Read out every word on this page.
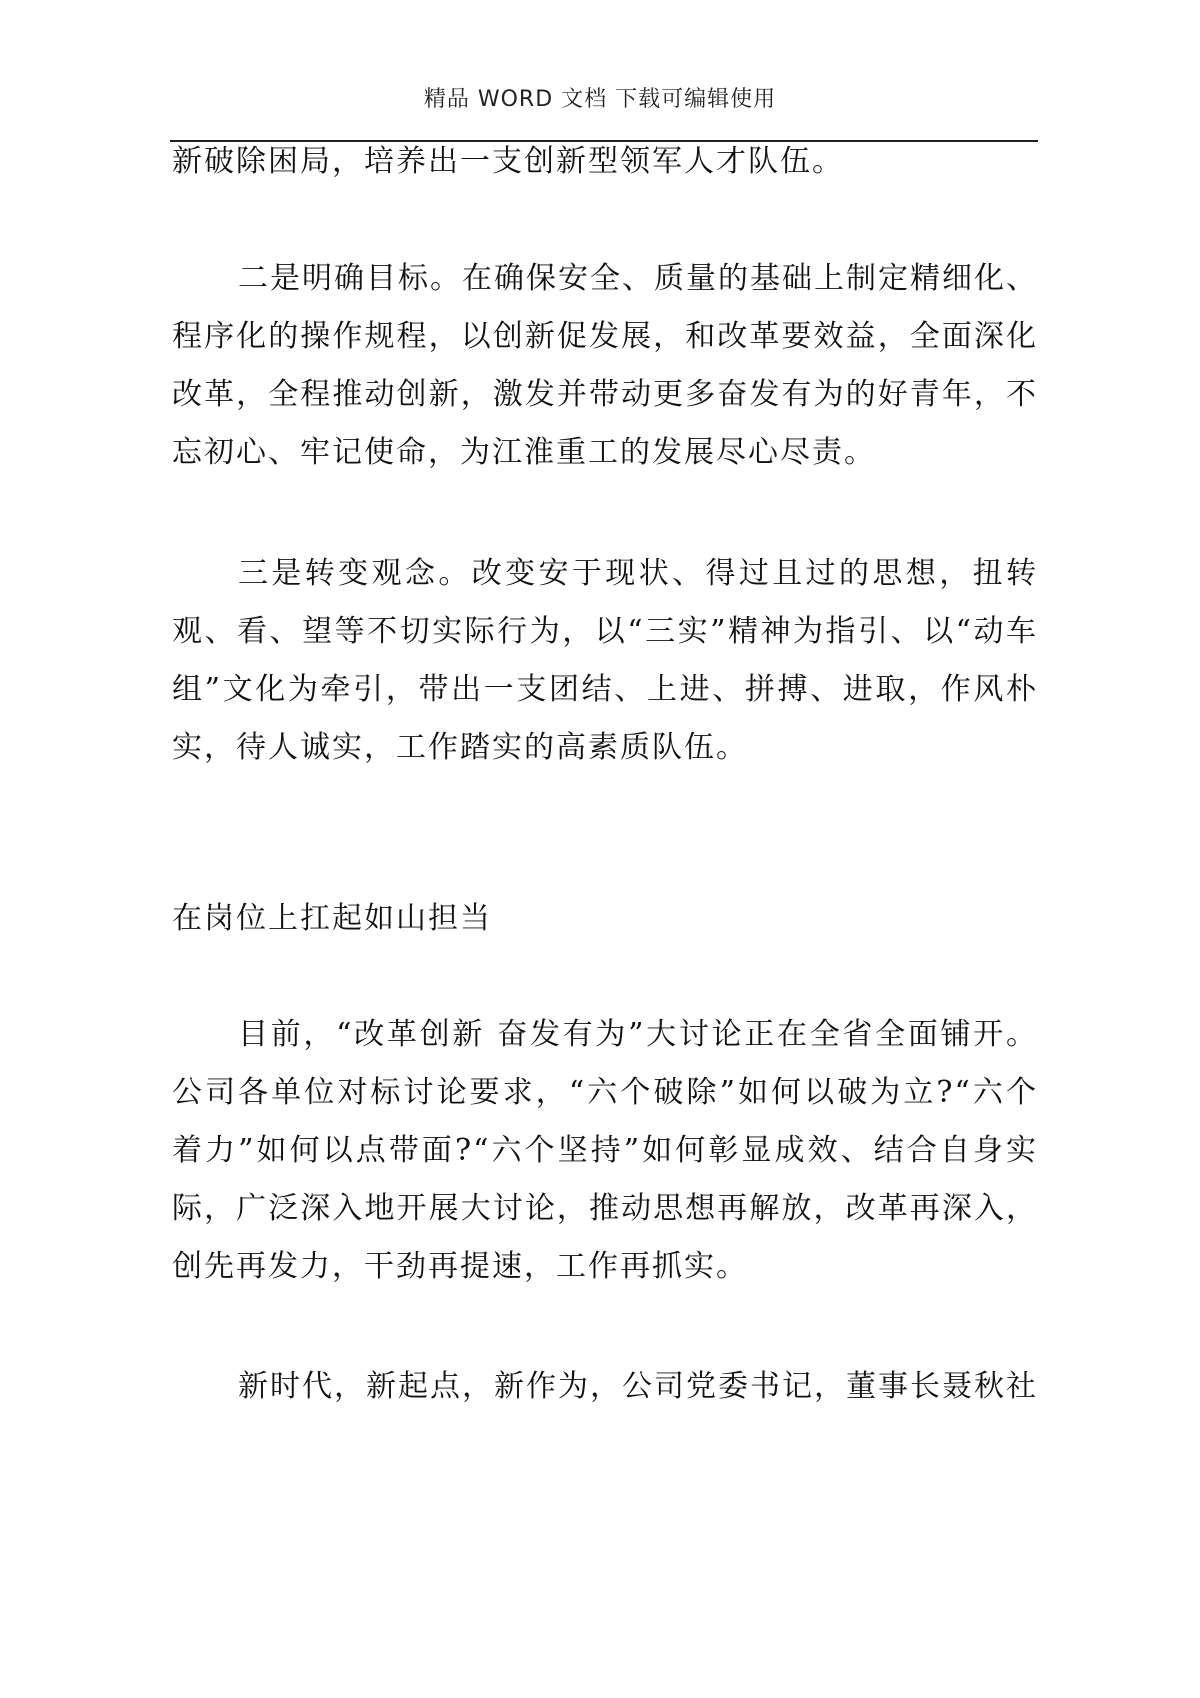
精品 WORD 文档 下载可编辑使用

新破除困局，培养出一支创新型领军人才队伍。

二是明确目标。在确保安全、质量的基础上制定精细化、程序化的操作规程，以创新促发展，和改革要效益，全面深化改革，全程推动创新，激发并带动更多奋发有为的好青年，不忘初心、牢记使命，为江淮重工的发展尽心尽责。

三是转变观念。改变安于现状、得过且过的思想，扭转观、看、望等不切实际行为，以“三实”精神为指引、以“动车组”文化为牵引，带出一支团结、上进、拼搏、进取，作风朴实，待人诚实，工作踏实的高素质队伍。

在岗位上扛起如山担当

目前，“改革创新 奋发有为”大讨论正在全省全面铺开。公司各单位对标讨论要求，“六个破除”如何以破为立?“六个着力”如何以点带面?“六个坚持”如何彰显成效、结合自身实际，广泛深入地开展大讨论，推动思想再解放，改革再深入，创先再发力，干劲再提速，工作再抓实。

新时代，新起点，新作为，公司党委书记，董事长聂秋社
